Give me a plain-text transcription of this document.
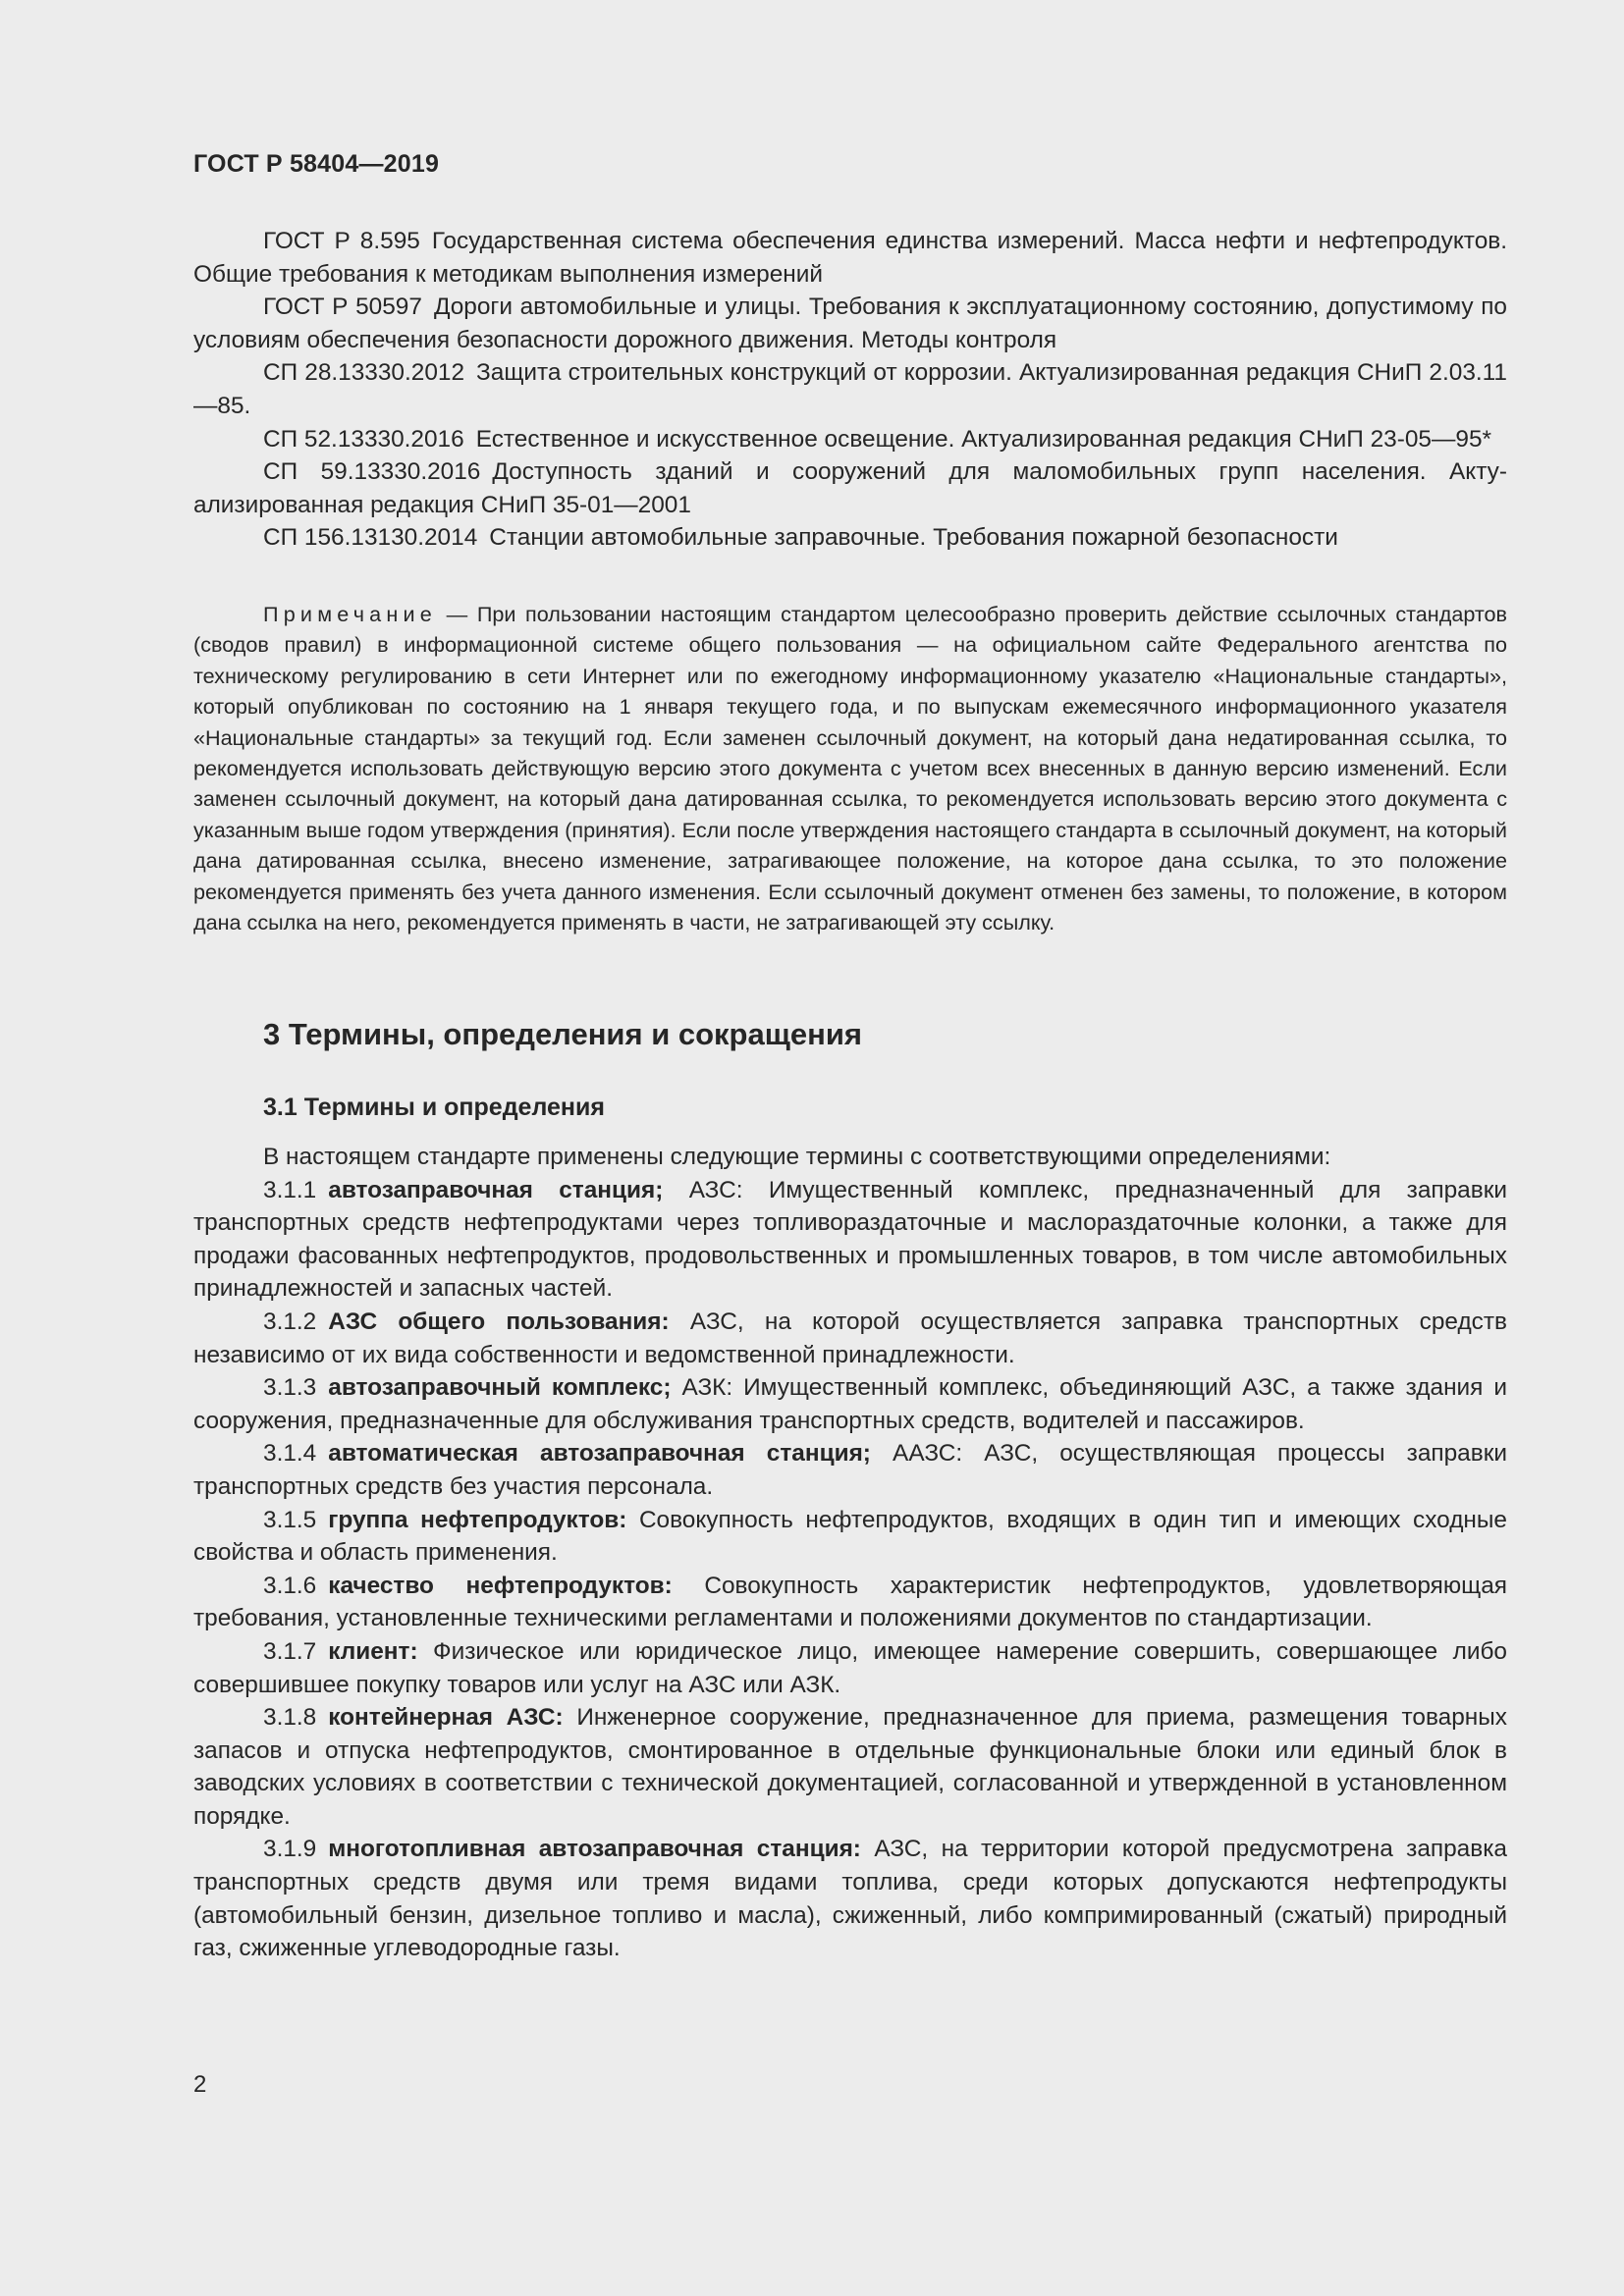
ГОСТ Р 58404—2019

ГОСТ Р 8.595 Государственная система обеспечения единства измерений. Масса нефти и нефтепродуктов. Общие требования к методикам выполнения измерений

ГОСТ Р 50597 Дороги автомобильные и улицы. Требования к эксплуатационному состоянию, допустимому по условиям обеспечения безопасности дорожного движения. Методы контроля

СП 28.13330.2012 Защита строительных конструкций от коррозии. Актуализированная редакция СНиП 2.03.11—85.

СП 52.13330.2016 Естественное и искусственное освещение. Актуализированная редакция СНиП 23-05—95*

СП 59.13330.2016 Доступность зданий и сооружений для маломобильных групп населения. Актуализированная редакция СНиП 35-01—2001

СП 156.13130.2014 Станции автомобильные заправочные. Требования пожарной безопасности

Примечание — При пользовании настоящим стандартом целесообразно проверить действие ссылочных стандартов (сводов правил) в информационной системе общего пользования — на официальном сайте Федерального агентства по техническому регулированию в сети Интернет или по ежегодному информационному указателю «Национальные стандарты», который опубликован по состоянию на 1 января текущего года, и по выпускам ежемесячного информационного указателя «Национальные стандарты» за текущий год. Если заменен ссылочный документ, на который дана недатированная ссылка, то рекомендуется использовать действующую версию этого документа с учетом всех внесенных в данную версию изменений. Если заменен ссылочный документ, на который дана датированная ссылка, то рекомендуется использовать версию этого документа с указанным выше годом утверждения (принятия). Если после утверждения настоящего стандарта в ссылочный документ, на который дана датированная ссылка, внесено изменение, затрагивающее положение, на которое дана ссылка, то это положение рекомендуется применять без учета данного изменения. Если ссылочный документ отменен без замены, то положение, в котором дана ссылка на него, рекомендуется применять в части, не затрагивающей эту ссылку.

3 Термины, определения и сокращения
3.1 Термины и определения

В настоящем стандарте применены следующие термины с соответствующими определениями:

3.1.1 автозаправочная станция; АЗС: Имущественный комплекс, предназначенный для заправки транспортных средств нефтепродуктами через топливораздаточные и маслораздаточные колонки, а также для продажи фасованных нефтепродуктов, продовольственных и промышленных товаров, в том числе автомобильных принадлежностей и запасных частей.

3.1.2 АЗС общего пользования: АЗС, на которой осуществляется заправка транспортных средств независимо от их вида собственности и ведомственной принадлежности.

3.1.3 автозаправочный комплекс; АЗК: Имущественный комплекс, объединяющий АЗС, а также здания и сооружения, предназначенные для обслуживания транспортных средств, водителей и пассажиров.

3.1.4 автоматическая автозаправочная станция; ААЗС: АЗС, осуществляющая процессы заправки транспортных средств без участия персонала.

3.1.5 группа нефтепродуктов: Совокупность нефтепродуктов, входящих в один тип и имеющих сходные свойства и область применения.

3.1.6 качество нефтепродуктов: Совокупность характеристик нефтепродуктов, удовлетворяющая требования, установленные техническими регламентами и положениями документов по стандартизации.

3.1.7 клиент: Физическое или юридическое лицо, имеющее намерение совершить, совершающее либо совершившее покупку товаров или услуг на АЗС или АЗК.

3.1.8 контейнерная АЗС: Инженерное сооружение, предназначенное для приема, размещения товарных запасов и отпуска нефтепродуктов, смонтированное в отдельные функциональные блоки или единый блок в заводских условиях в соответствии с технической документацией, согласованной и утвержденной в установленном порядке.

3.1.9 многотопливная автозаправочная станция: АЗС, на территории которой предусмотрена заправка транспортных средств двумя или тремя видами топлива, среди которых допускаются нефтепродукты (автомобильный бензин, дизельное топливо и масла), сжиженный, либо компримированный (сжатый) природный газ, сжиженные углеводородные газы.

2
